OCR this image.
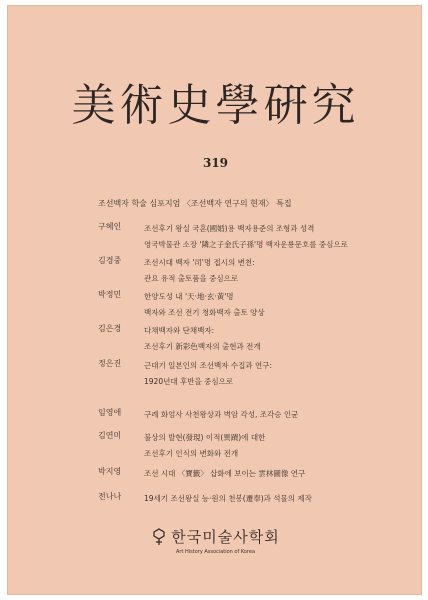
美術史學硏究
319
조선백자 학술 심포지엄 〈조선백자 연구의 현재〉 특집
구혜인	조선후기 왕실 국혼(國婚)용 백자용준의 조형과 성격
영국박물관 소장 '隣之子金氏子孫'명 백자운룡문호를 중심으로
김경중	조선시대 백자 '司'명 접시의 변천:
관요 유적 출토품을 중심으로
박정민	한양도성 내 '天·地·玄·黃'명
백자와 조선 전기 청화백자 출토 양상
김은경	다채백자와 단채백자:
조선후기 新彩色백자의 출현과 전개
정은진	근대기 일본인의 조선백자 수집과 연구:
1920년대 후반을 중심으로
임영애	구례 화엄사 사천왕상과 벽암 각성, 조각승 인균
김연미	불상의 발현(發現) 이적(異蹟)에 대한
조선후기 인식의 변화와 전개
박지영	조선 시대 〈寶籤〉 삽화에 보이는 雲林圖像 연구
전나나	19세기 조선왕실 능·원의 천봉(遷奉)과 석물의 제작
한국미술사학회
Art History Association of Korea
